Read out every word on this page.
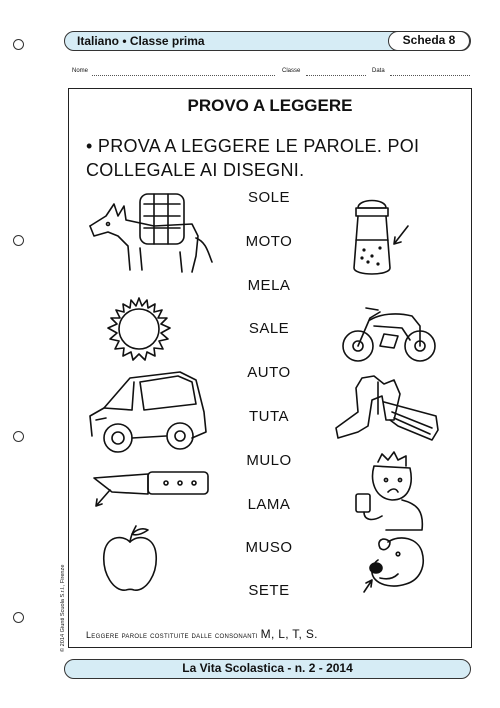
Italiano • Classe prima	Scheda 8
Nome	Classe	Data
PROVO A LEGGERE
• PROVA A LEGGERE LE PAROLE. POI
COLLEGALE AI DISEGNI.
SOLE
MOTO
MELA
SALE
AUTO
TUTA
MULO
LAMA
MUSO
SETE
Leggere parole costituite dalle consonanti M, L, T, S.
© 2014 Giunti Scuola S.r.l., Firenze
La Vita Scolastica - n. 2 - 2014
